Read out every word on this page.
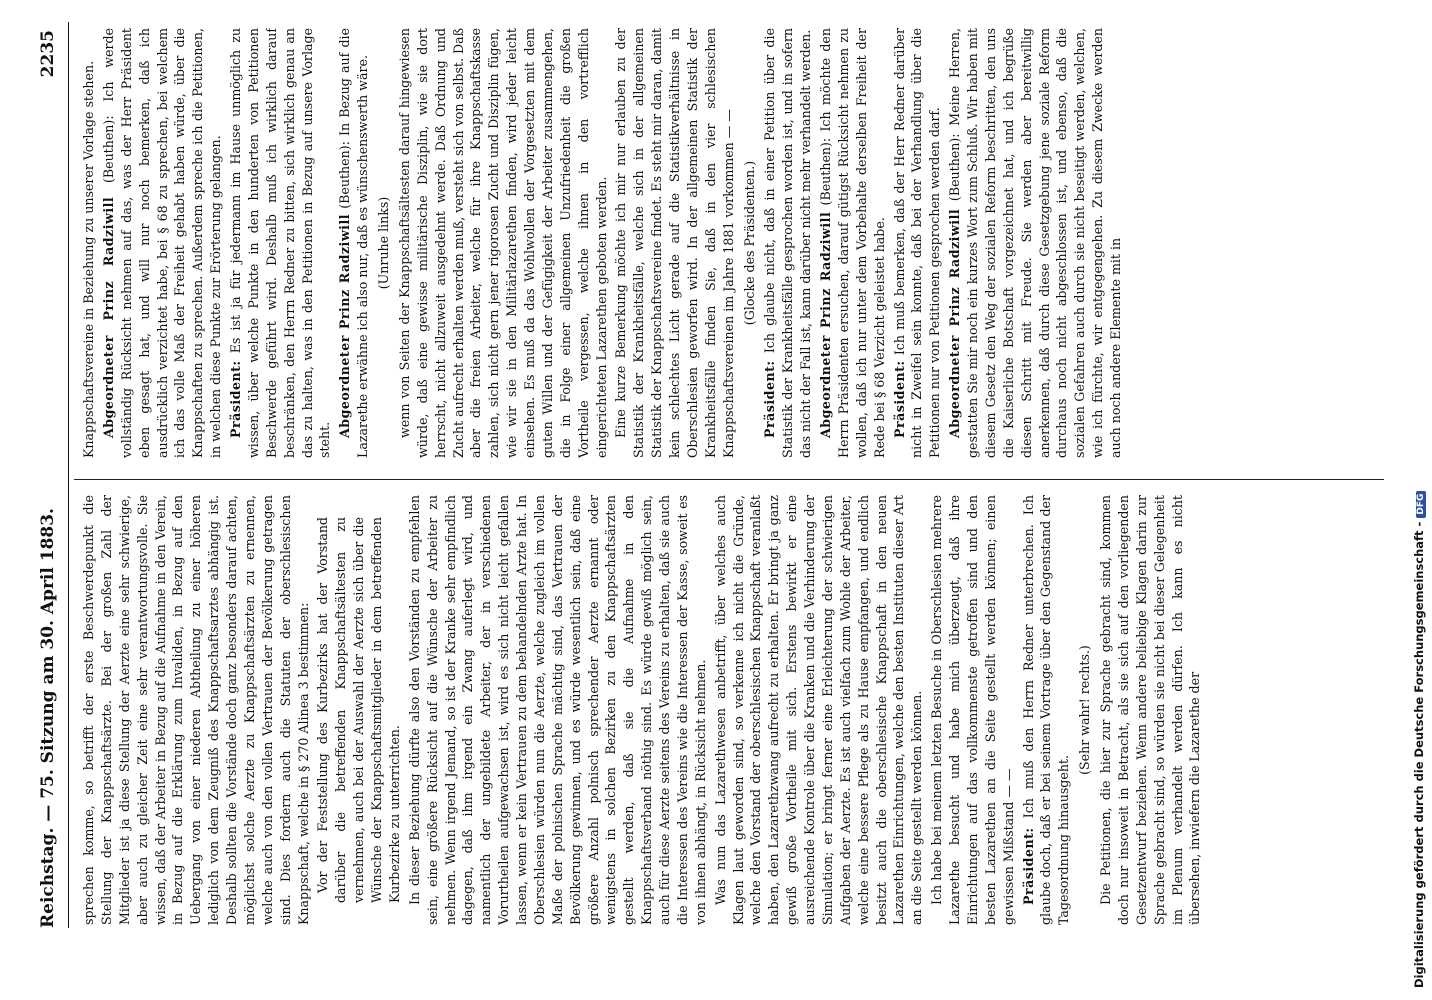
Reichstag. — 75. Sitzung am 30. April 1883.
2235

sprechen komme, so betrifft der erste Beschwerdepunkt die Stellung der Knappschaftsärzte. Bei der großen Zahl der Mitglieder ist ja diese Stellung der Aerzte eine sehr schwierige, aber auch zu gleicher Zeit eine sehr verantwortungsvolle. Sie wissen, daß der Arbeiter in Bezug auf die Aufnahme in den Verein, in Bezug auf die Erklärung zum Invaliden, in Bezug auf den Uebergang von einer niederen Abtheilung zu einer höheren lediglich von dem Zeugniß des Knappschaftsarztes abhängig ist. Deshalb sollten die Vorstände doch ganz besonders darauf achten, möglichst solche Aerzte zu Knappschaftsärzten zu ernennen, welche auch von den vollen Vertrauen der Bevölkerung getragen sind. Dies fordern auch die Statuten der oberschlesischen Knappschaft, welche in § 270 Alinea 3 bestimmen: Vor der Feststellung des Kurbezirks hat der Vorstand darüber die betreffenden Knappschaftsältesten zu vernehmen, auch bei der Auswahl der Aerzte sich über die Wünsche der Knappschaftsmitglieder in dem betreffenden Kurbezirke zu unterrichten. In dieser Beziehung dürfte also den Vorständen zu empfehlen sein, eine größere Rücksicht auf die Wünsche der Arbeiter zu nehmen. Wenn irgend Jemand, so ist der Kranke sehr empfindlich dagegen, daß ihm irgend ein Zwang auferlegt wird, und namentlich der ungebildete Arbeiter, der in verschiedenen Vorurtheilen aufgewachsen ist, wird es sich nicht leicht gefallen lassen, wenn er kein Vertrauen zu dem behandelnden Arzte hat. In Oberschlesien würden nun die Aerzte, welche zugleich im vollen Maße der polnischen Sprache mächtig sind, das Vertrauen der Bevölkerung gewinnen, und es würde wesentlich sein, daß eine größere Anzahl polnisch sprechender Aerzte ernannt oder wenigstens in solchen Bezirken zu den Knappschaftsärzten gestellt werden, daß sie die Aufnahme in den Knappschaftsverband nöthig sind. Es würde gewiß möglich sein, auch für diese Aerzte seitens des Vereins zu erhalten, daß sie auch die Interessen des Vereins wie die Interessen der Kasse, soweit es von ihnen abhängt, in Rücksicht nehmen. Was nun das Lazarethwesen anbetrifft, über welches auch Klagen laut geworden sind, so verkenne ich nicht die Gründe, welche den Vorstand der oberschlesischen Knappschaft veranlaßt haben, den Lazarethzwang aufrecht zu erhalten. Er bringt ja ganz gewiß große Vortheile mit sich. Erstens bewirkt er eine ausreichende Kontrole über die Kranken und die Verhinderung der Simulation; er bringt ferner eine Erleichterung der schwierigen Aufgaben der Aerzte. Es ist auch vielfach zum Wohle der Arbeiter, welche eine bessere Pflege als zu Hause empfangen, und endlich besitzt auch die oberschlesische Knappschaft in den neuen Lazarethen Einrichtungen, welche den besten Instituten dieser Art an die Seite gestellt werden können. Ich habe bei meinem letzten Besuche in Oberschlesien mehrere Lazarethe besucht und habe mich überzeugt, daß ihre Einrichtungen auf das vollkommenste getroffen sind und den besten Lazarethen an die Seite gestellt werden können; einen gewissen Mißstand — — Präsident: Ich muß den Herrn Redner unterbrechen. Ich glaube doch, daß er bei seinem Vortrage über den Gegenstand der Tagesordnung hinausgeht.

(Sehr wahr! rechts.) Die Petitionen, die hier zur Sprache gebracht sind, kommen doch nur insoweit in Betracht, als sie sich auf den vorliegenden Gesetzentwurf beziehen. Wenn andere beliebige Klagen darin zur Sprache gebracht sind, so würden sie nicht bei dieser Gelegenheit im Plenum verhandelt werden dürfen. Ich kann es nicht übersehen, inwiefern die Lazarethe der

Knappschaftsvereine in Beziehung zu unserer Vorlage stehen. Abgeordneter Prinz Radziwill (Beuthen): Ich werde vollständig Rücksicht nehmen auf das, was der Herr Präsident eben gesagt hat, und will nur noch bemerken, daß ich ausdrücklich verzichtet habe, bei § 68 zu sprechen, bei welchem ich das volle Maß der Freiheit gehabt haben würde, über die Knappschaften zu sprechen. Außerdem spreche ich die Petitionen, in welchen diese Punkte zur Erörterung gelangen. Präsident: Es ist ja für jedermann im Hause unmöglich zu wissen, über welche Punkte in den hunderten von Petitionen Beschwerde geführt wird. Deshalb muß ich wirklich darauf beschränken, den Herrn Redner zu bitten, sich wirklich genau an das zu halten, was in den Petitionen in Bezug auf unsere Vorlage steht.

Abgeordneter Prinz Radziwill (Beuthen): In Bezug auf die Lazarethe erwähne ich also nur, daß es wünschenswerth wäre. (Unruhe links) wenn von Seiten der Knappschaftsältesten darauf hingewiesen würde, daß eine gewisse militärische Disziplin, wie sie dort herrscht, nicht allzuweit ausgedehnt werde. Daß Ordnung und Zucht aufrecht erhalten werden muß, versteht sich von selbst. Daß aber die freien Arbeiter, welche für ihre Knappschaftskasse zahlen, sich nicht gern jener rigorosen Zucht und Disziplin fügen, wie wir sie in den Militärlazarethen finden, wird jeder leicht einsehen. Es muß da das Wohlwollen der Vorgesetzten mit dem guten Willen und der Gefügigkeit der Arbeiter zusammengehen, die in Folge einer allgemeinen Unzufriedenheit die großen Vortheile vergessen, welche ihnen in den vortrefflich eingerichteten Lazarethen geboten werden. Eine kurze Bemerkung möchte ich mir nur erlauben zu der Statistik der Krankheitsfälle, welche sich in der allgemeinen Statistik der Knappschaftsvereine findet. Es steht mir daran, damit kein schlechtes Licht gerade auf die Statistikverhältnisse in Oberschlesien geworfen wird. In der allgemeinen Statistik der Krankheitsfälle finden Sie, daß in den vier schlesischen Knappschaftsvereinen im Jahre 1881 vorkommen — — (Glocke des Präsidenten.)

Präsident: Ich glaube nicht, daß in einer Petition über die Statistik der Krankheitsfälle gesprochen worden ist, und in sofern das nicht der Fall ist, kann darüber nicht mehr verhandelt werden. Abgeordneter Prinz Radziwill (Beuthen): Ich möchte den Herrn Präsidenten ersuchen, darauf gütigst Rücksicht nehmen zu wollen, daß ich nur unter dem Vorbehalte derselben Freiheit der Rede bei § 68 Verzicht geleistet habe. Präsident: Ich muß bemerken, daß der Herr Redner darüber nicht in Zweifel sein konnte, daß bei der Verhandlung über die Petitionen nur von Petitionen gesprochen werden darf. Abgeordneter Prinz Radziwill (Beuthen): Meine Herren, gestatten Sie mir noch ein kurzes Wort zum Schluß. Wir haben mit diesem Gesetz den Weg der sozialen Reform beschritten, den uns die Kaiserliche Botschaft vorgezeichnet hat, und ich begrüße diesen Schritt mit Freude. Sie werden aber bereitwillig anerkennen, daß durch diese Gesetzgebung jene soziale Reform durchaus noch nicht abgeschlossen ist, und ebenso, daß die sozialen Gefahren auch durch sie nicht beseitigt werden, welchen, wie ich fürchte, wir entgegengehen. Zu diesem Zwecke werden auch noch andere Elemente mit in

Digitalisierung gefördert durch die Deutsche Forschungsgemeinschaft -DFG
